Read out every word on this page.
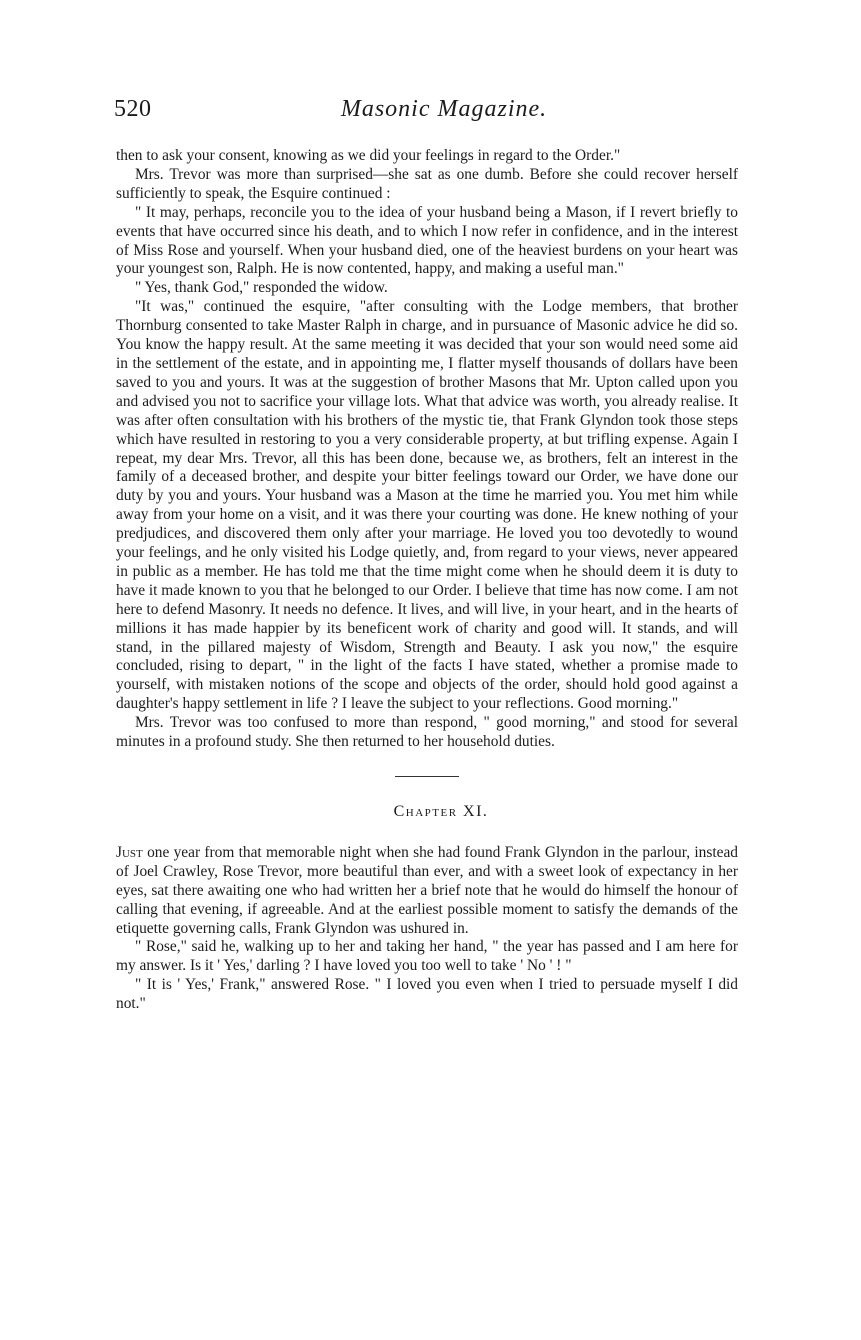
520	Masonic Magazine.

then to ask your consent, knowing as we did your feelings in regard to the Order."

Mrs. Trevor was more than surprised—she sat as one dumb. Before she could recover herself sufficiently to speak, the Esquire continued :

" It may, perhaps, reconcile you to the idea of your husband being a Mason, if I revert briefly to events that have occurred since his death, and to which I now refer in confidence, and in the interest of Miss Rose and yourself. When your husband died, one of the heaviest burdens on your heart was your youngest son, Ralph. He is now contented, happy, and making a useful man."

" Yes, thank God," responded the widow.

"It was," continued the esquire, "after consulting with the Lodge members, that brother Thornburg consented to take Master Ralph in charge, and in pursuance of Masonic advice he did so. You know the happy result. At the same meeting it was decided that your son would need some aid in the settlement of the estate, and in appointing me, I flatter myself thousands of dollars have been saved to you and yours. It was at the suggestion of brother Masons that Mr. Upton called upon you and advised you not to sacrifice your village lots. What that advice was worth, you already realise. It was after often consultation with his brothers of the mystic tie, that Frank Glyndon took those steps which have resulted in restoring to you a very considerable property, at but trifling expense. Again I repeat, my dear Mrs. Trevor, all this has been done, because we, as brothers, felt an interest in the family of a deceased brother, and despite your bitter feelings toward our Order, we have done our duty by you and yours. Your husband was a Mason at the time he married you. You met him while away from your home on a visit, and it was there your courting was done. He knew nothing of your predjudices, and discovered them only after your marriage. He loved you too devotedly to wound your feelings, and he only visited his Lodge quietly, and, from regard to your views, never appeared in public as a member. He has told me that the time might come when he should deem it is duty to have it made known to you that he belonged to our Order. I believe that time has now come. I am not here to defend Masonry. It needs no defence. It lives, and will live, in your heart, and in the hearts of millions it has made happier by its beneficent work of charity and good will. It stands, and will stand, in the pillared majesty of Wisdom, Strength and Beauty. I ask you now," the esquire concluded, rising to depart, " in the light of the facts I have stated, whether a promise made to yourself, with mistaken notions of the scope and objects of the order, should hold good against a daughter's happy settlement in life ? I leave the subject to your reflections. Good morning."

Mrs. Trevor was too confused to more than respond, " good morning," and stood for several minutes in a profound study. She then returned to her household duties.

Chapter XI.

Just one year from that memorable night when she had found Frank Glyndon in the parlour, instead of Joel Crawley, Rose Trevor, more beautiful than ever, and with a sweet look of expectancy in her eyes, sat there awaiting one who had written her a brief note that he would do himself the honour of calling that evening, if agreeable. And at the earliest possible moment to satisfy the demands of the etiquette governing calls, Frank Glyndon was ushured in.

" Rose," said he, walking up to her and taking her hand, " the year has passed and I am here for my answer. Is it ' Yes,' darling ? I have loved you too well to take ' No ' ! "

" It is ' Yes,' Frank," answered Rose. " I loved you even when I tried to persuade myself I did not."
